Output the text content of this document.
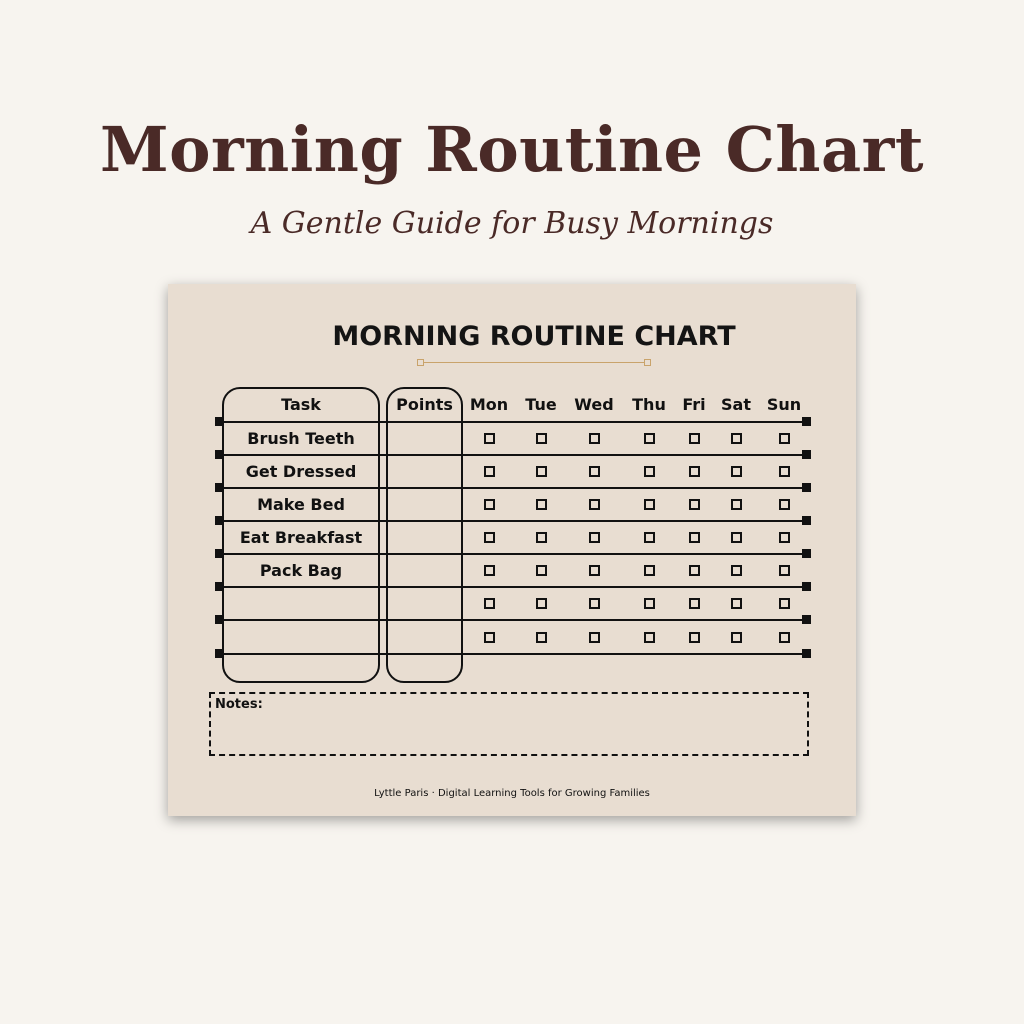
Morning Routine Chart

A Gentle Guide for Busy Mornings

MORNING ROUTINE CHART
Task	Points	Mon	Tue	Wed	Thu	Fri Sat Sun
Brush Teeth
Get Dressed
Make Bed
Eat Breakfast
Pack Bag
Notes:
Lyttle Paris · Digital Learning Tools for Growing Families
